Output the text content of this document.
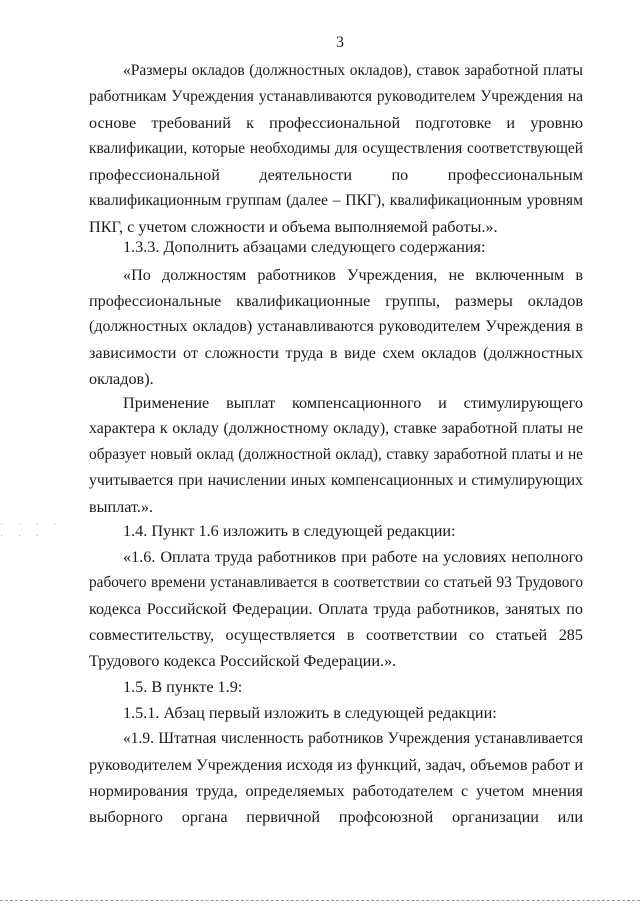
3
· · · ·
· · ·
«Размеры окладов (должностных окладов), ставок заработной платы
работникам Учреждения устанавливаются руководителем Учреждения на
основе требований к профессиональной подготовке и уровню
квалификации, которые необходимы для осуществления соответствующей
профессиональной деятельности по профессиональным
квалификационным группам (далее – ПКГ), квалификационным уровням
ПКГ, с учетом сложности и объема выполняемой работы.».
1.3.3. Дополнить абзацами следующего содержания:
«По должностям работников Учреждения, не включенным в
профессиональные квалификационные группы, размеры окладов
(должностных окладов) устанавливаются руководителем Учреждения в
зависимости от сложности труда в виде схем окладов (должностных
окладов).
Применение выплат компенсационного и стимулирующего
характера к окладу (должностному окладу), ставке заработной платы не
образует новый оклад (должностной оклад), ставку заработной платы и не
учитывается при начислении иных компенсационных и стимулирующих
выплат.».
1.4. Пункт 1.6 изложить в следующей редакции:
«1.6. Оплата труда работников при работе на условиях неполного
рабочего времени устанавливается в соответствии со статьей 93 Трудового
кодекса Российской Федерации. Оплата труда работников, занятых по
совместительству, осуществляется в соответствии со статьей 285
Трудового кодекса Российской Федерации.».
1.5. В пункте 1.9:
1.5.1. Абзац первый изложить в следующей редакции:
«1.9. Штатная численность работников Учреждения устанавливается
руководителем Учреждения исходя из функций, задач, объемов работ и
нормирования труда, определяемых работодателем с учетом мнения
выборного органа первичной профсоюзной организации или
